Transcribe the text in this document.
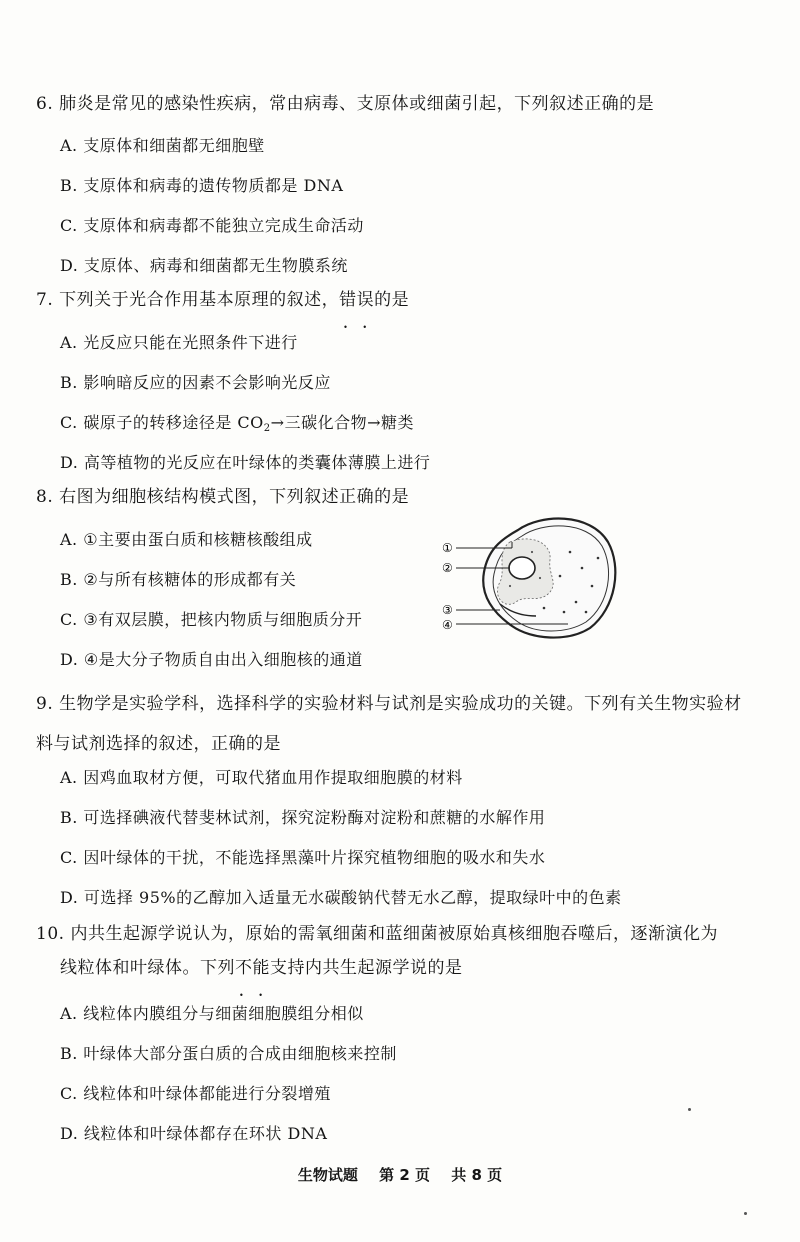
6. 肺炎是常见的感染性疾病，常由病毒、支原体或细菌引起，下列叙述正确的是
A. 支原体和细菌都无细胞壁
B. 支原体和病毒的遗传物质都是 DNA
C. 支原体和病毒都不能独立完成生命活动
D. 支原体、病毒和细菌都无生物膜系统
7. 下列关于光合作用基本原理的叙述，错误 • •的是
A. 光反应只能在光照条件下进行
B. 影响暗反应的因素不会影响光反应
C. 碳原子的转移途径是 $CO_2\to$三碳化合物→糖类
D. 高等植物的光反应在叶绿体的类囊体薄膜上进行
8. 右图为细胞核结构模式图，下列叙述正确的是
A. ①主要由蛋白质和核糖核酸组成
B. ②与所有核糖体的形成都有关
C. ③有双层膜，把核内物质与细胞质分开
D. ④是大分子物质自由出入细胞核的通道
①
②
③
④
9. 生物学是实验学科，选择科学的实验材料与试剂是实验成功的关键。下列有关生物实验材料与试剂选择的叙述，正确的是
A. 因鸡血取材方便，可取代猪血用作提取细胞膜的材料
B. 可选择碘液代替斐林试剂，探究淀粉酶对淀粉和蔗糖的水解作用
C. 因叶绿体的干扰，不能选择黑藻叶片探究植物细胞的吸水和失水
D. 可选择 95%的乙醇加入适量无水碳酸钠代替无水乙醇，提取绿叶中的色素
10. 内共生起源学说认为，原始的需氧细菌和蓝细菌被原始真核细胞吞噬后，逐渐演化为
线粒体和叶绿体。下列不能 • •支持内共生起源学说的是
A. 线粒体内膜组分与细菌细胞膜组分相似
B. 叶绿体大部分蛋白质的合成由细胞核来控制
C. 线粒体和叶绿体都能进行分裂增殖
D. 线粒体和叶绿体都存在环状 DNA
生物试题 第 2 页 共 8 页
